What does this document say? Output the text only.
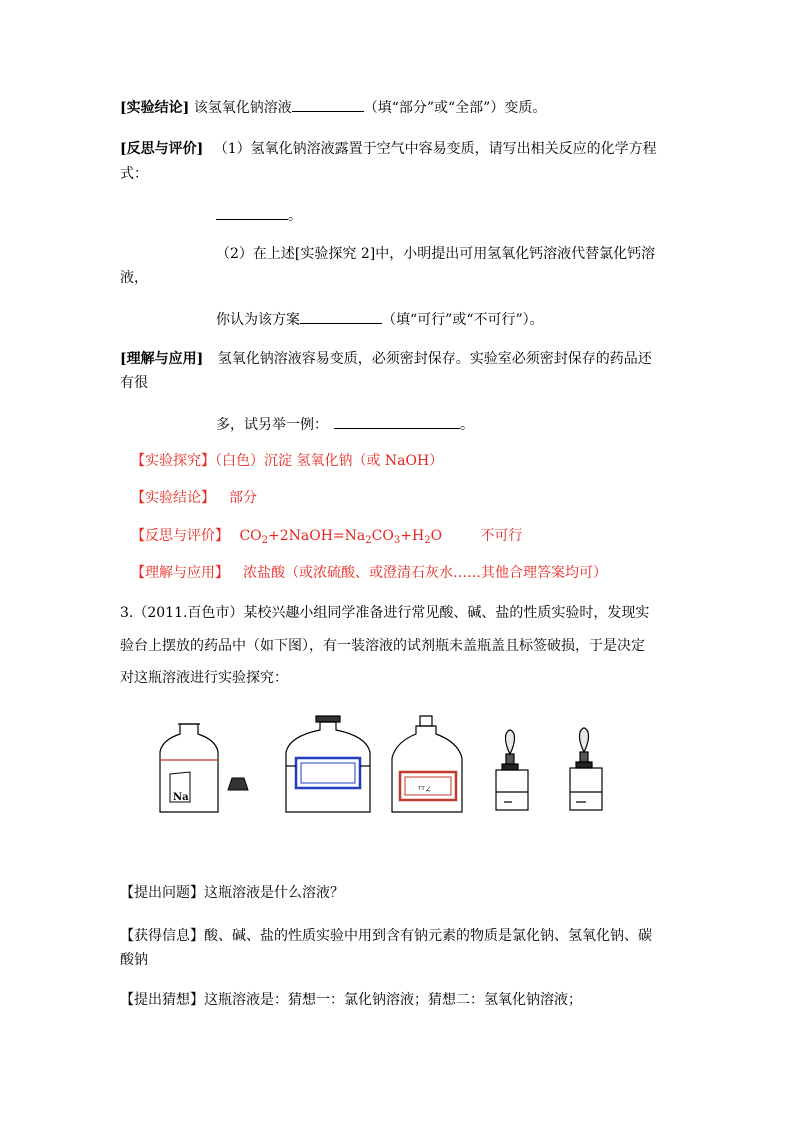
[实验结论] 该氢氧化钠溶液	（填“部分”或“全部”）变质。
[反思与评价] （1）氢氧化钠溶液露置于空气中容易变质，请写出相关反应的化学方程
式：
。
（2）在上述[实验探究 2]中，小明提出可用氢氧化钙溶液代替氯化钙溶
液，
你认为该方案	（填“可行”或“不可行”）。
[理解与应用] 氢氧化钠溶液容易变质，必须密封保存。实验室必须密封保存的药品还
有很
多，试另举一例：	。
【实验探究】（白色）沉淀 氢氧化钠（或 NaOH）
【实验结论】 部分
【反思与评价】 $CO_2+2NaOH=Na_2CO_3+H_2O$	不可行
【理解与应用】 浓盐酸（或浓硫酸、或澄清石灰水……其他合理答案均可）
3.（2011.百色市）某校兴趣小组同学准备进行常见酸、碱、盐的性质实验时，发现实
验台上摆放的药品中（如下图），有一装溶液的试剂瓶未盖瓶盖且标签破损，于是决定
对这瓶溶液进行实验探究：
Na
ᵀᵀ∠
【提出问题】这瓶溶液是什么溶液？
【获得信息】酸、碱、盐的性质实验中用到含有钠元素的物质是氯化钠、氢氧化钠、碳
酸钠
【提出猜想】这瓶溶液是：猜想一：氯化钠溶液；猜想二：氢氧化钠溶液；
